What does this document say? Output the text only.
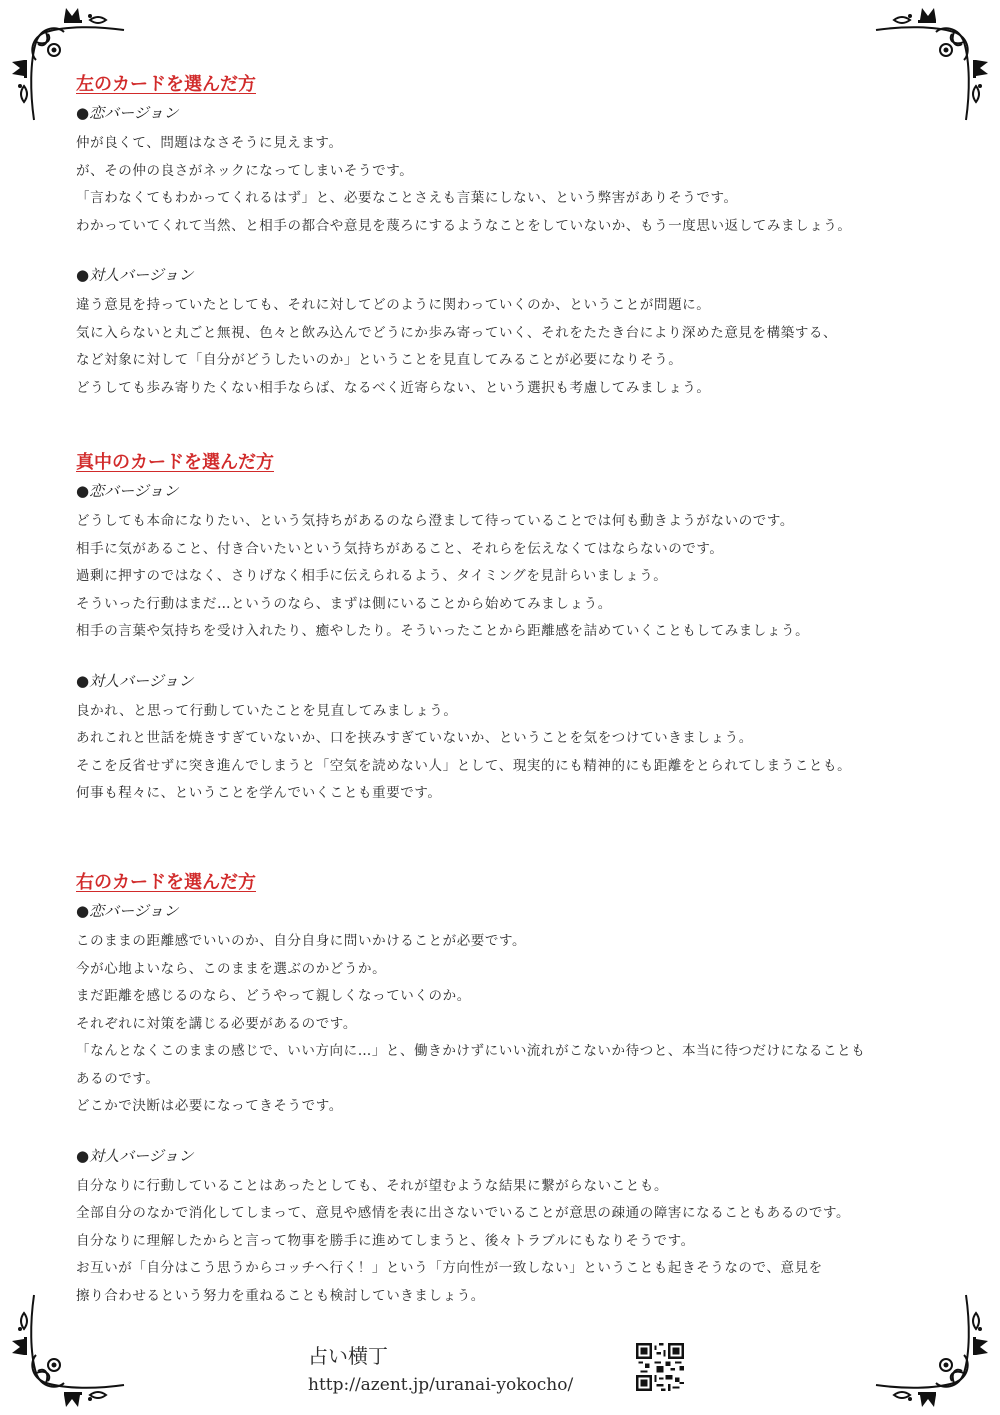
左のカードを選んだ方
●恋バージョン
仲が良くて、問題はなさそうに見えます。
が、その仲の良さがネックになってしまいそうです。
「言わなくてもわかってくれるはず」と、必要なことさえも言葉にしない、という弊害がありそうです。
わかっていてくれて当然、と相手の都合や意見を蔑ろにするようなことをしていないか、もう一度思い返してみましょう。
●対人バージョン
違う意見を持っていたとしても、それに対してどのように関わっていくのか、ということが問題に。
気に入らないと丸ごと無視、色々と飲み込んでどうにか歩み寄っていく、それをたたき台により深めた意見を構築する、
など対象に対して「自分がどうしたいのか」ということを見直してみることが必要になりそう。
どうしても歩み寄りたくない相手ならば、なるべく近寄らない、という選択も考慮してみましょう。
真中のカードを選んだ方
●恋バージョン
どうしても本命になりたい、という気持ちがあるのなら澄まして待っていることでは何も動きようがないのです。
相手に気があること、付き合いたいという気持ちがあること、それらを伝えなくてはならないのです。
過剰に押すのではなく、さりげなく相手に伝えられるよう、タイミングを見計らいましょう。
そういった行動はまだ…というのなら、まずは側にいることから始めてみましょう。
相手の言葉や気持ちを受け入れたり、癒やしたり。そういったことから距離感を詰めていくこともしてみましょう。
●対人バージョン
良かれ、と思って行動していたことを見直してみましょう。
あれこれと世話を焼きすぎていないか、口を挟みすぎていないか、ということを気をつけていきましょう。
そこを反省せずに突き進んでしまうと「空気を読めない人」として、現実的にも精神的にも距離をとられてしまうことも。
何事も程々に、ということを学んでいくことも重要です。
右のカードを選んだ方
●恋バージョン
このままの距離感でいいのか、自分自身に問いかけることが必要です。
今が心地よいなら、このままを選ぶのかどうか。
まだ距離を感じるのなら、どうやって親しくなっていくのか。
それぞれに対策を講じる必要があるのです。
「なんとなくこのままの感じで、いい方向に…」と、働きかけずにいい流れがこないか待つと、本当に待つだけになることも
あるのです。
どこかで決断は必要になってきそうです。
●対人バージョン
自分なりに行動していることはあったとしても、それが望むような結果に繋がらないことも。
全部自分のなかで消化してしまって、意見や感情を表に出さないでいることが意思の疎通の障害になることもあるのです。
自分なりに理解したからと言って物事を勝手に進めてしまうと、後々トラブルにもなりそうです。
お互いが「自分はこう思うからコッチへ行く！」という「方向性が一致しない」ということも起きそうなので、意見を
擦り合わせるという努力を重ねることも検討していきましょう。
占い横丁
http://azent.jp/uranai-yokocho/
